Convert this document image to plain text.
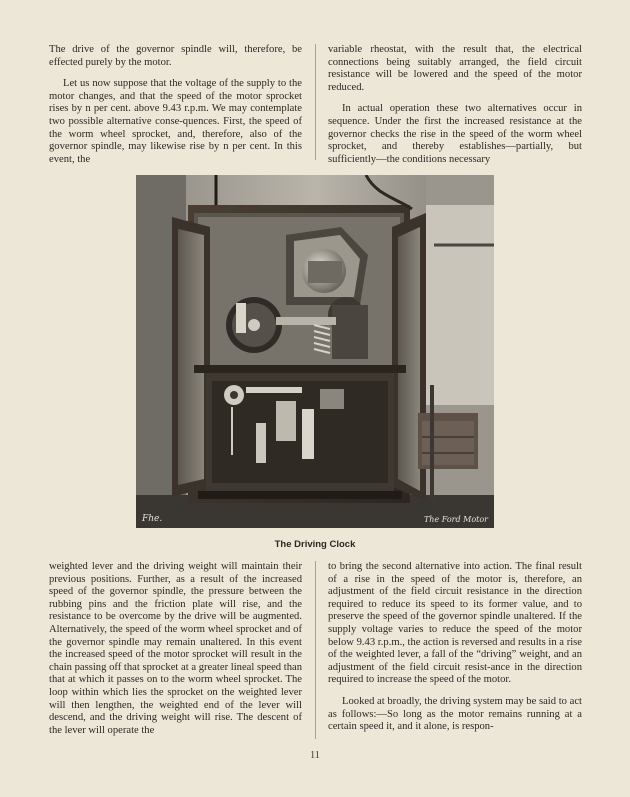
The drive of the governor spindle will, therefore, be effected purely by the motor.

Let us now suppose that the voltage of the supply to the motor changes, and that the speed of the motor sprocket rises by n per cent. above 9.43 r.p.m. We may contemplate two possible alternative conse-quences. First, the speed of the worm wheel sprocket, and, therefore, also of the governor spindle, may likewise rise by n per cent. In this event, the

variable rheostat, with the result that, the electrical connections being suitably arranged, the field circuit resistance will be lowered and the speed of the motor reduced.

In actual operation these two alternatives occur in sequence. Under the first the increased resistance at the governor checks the rise in the speed of the worm wheel sprocket, and thereby establishes—partially, but sufficiently—the conditions necessary

Fhe.	The Ford Motor
The Driving Clock

weighted lever and the driving weight will maintain their previous positions. Further, as a result of the increased speed of the governor spindle, the pressure between the rubbing pins and the friction plate will rise, and the resistance to be overcome by the drive will be augmented. Alternatively, the speed of the worm wheel sprocket and of the governor spindle may remain unaltered. In this event the increased speed of the motor sprocket will result in the chain passing off that sprocket at a greater lineal speed than that at which it passes on to the worm wheel sprocket. The loop within which lies the sprocket on the weighted lever will then lengthen, the weighted end of the lever will descend, and the driving weight will rise. The descent of the lever will operate the

to bring the second alternative into action. The final result of a rise in the speed of the motor is, therefore, an adjustment of the field circuit resistance in the direction required to reduce its speed to its former value, and to preserve the speed of the governor spindle unaltered. If the supply voltage varies to reduce the speed of the motor below 9.43 r.p.m., the action is reversed and results in a rise of the weighted lever, a fall of the “driving” weight, and an adjustment of the field circuit resist-ance in the direction required to increase the speed of the motor.

Looked at broadly, the driving system may be said to act as follows:—So long as the motor remains running at a certain speed it, and it alone, is respon-

11
